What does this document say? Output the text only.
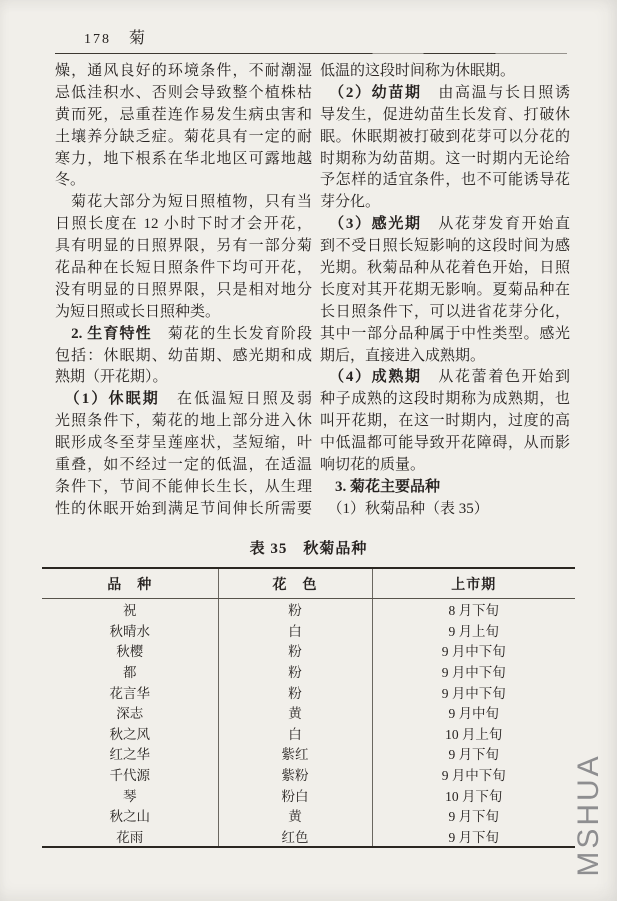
178 菊
燥，通风良好的环境条件，不耐潮湿
忌低洼积水、否则会导致整个植株枯
黄而死，忌重茬连作易发生病虫害和
土壤养分缺乏症。菊花具有一定的耐
寒力，地下根系在华北地区可露地越
冬。
　菊花大部分为短日照植物，只有当
日照长度在 12 小时下时才会开花，
具有明显的日照界限，另有一部分菊
花品种在长短日照条件下均可开花，
没有明显的日照界限，只是相对地分
为短日照或长日照种类。
　2. 生育特性　菊花的生长发育阶段
包括：休眠期、幼苗期、感光期和成
熟期（开花期）。
　（1）休眠期　在低温短日照及弱
光照条件下，菊花的地上部分进入休
眠形成冬至芽呈莲座状，茎短缩，叶
重叠，如不经过一定的低温，在适温
条件下，节间不能伸长生长，从生理
性的休眠开始到满足节间伸长所需要
低温的这段时间称为休眠期。
　（2）幼苗期　由高温与长日照诱
导发生，促进幼苗生长发育、打破休
眠。休眠期被打破到花芽可以分花的
时期称为幼苗期。这一时期内无论给
予怎样的适宜条件，也不可能诱导花
芽分化。
　（3）感光期　从花芽发育开始直
到不受日照长短影响的这段时间为感
光期。秋菊品种从花着色开始，日照
长度对其开花期无影响。夏菊品种在
长日照条件下，可以进省花芽分化，
其中一部分品种属于中性类型。感光
期后，直接进入成熟期。
　（4）成熟期　从花蕾着色开始到
种子成熟的这段时期称为成熟期，也
叫开花期，在这一时期内，过度的高
中低温都可能导致开花障碍，从而影
响切花的质量。
　3. 菊花主要品种
　（1）秋菊品种（表 35）
表 35　秋菊品种
品　种	花　色	上市期
祝	粉	8 月下旬
秋晴水	白	9 月上旬
秋樱	粉	9 月中下旬
都	粉	9 月中下旬
花言华	粉	9 月中下旬
深志	黄	9 月中旬
秋之风	白	10 月上旬
红之华	紫红	9 月下旬
千代源	紫粉	9 月中下旬
琴	粉白	10 月下旬
秋之山	黄	9 月下旬
花雨	红色	9 月下旬 MSHUA
